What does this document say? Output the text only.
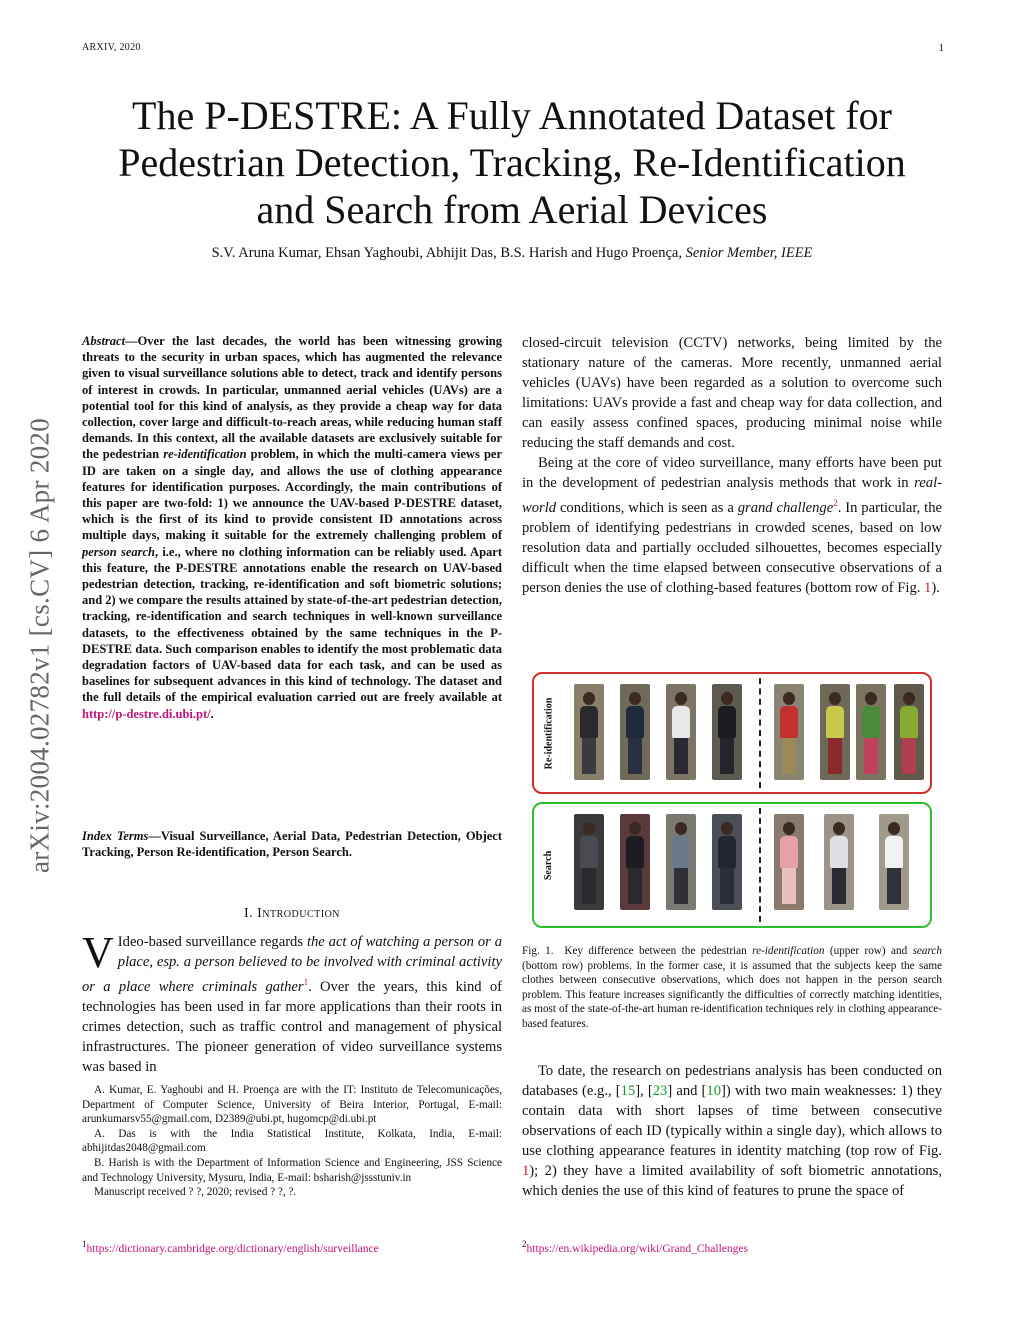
ARXIV, 2020	1
arXiv:2004.02782v1 [cs.CV] 6 Apr 2020
The P-DESTRE: A Fully Annotated Dataset for
Pedestrian Detection, Tracking, Re-Identification
and Search from Aerial Devices
S.V. Aruna Kumar, Ehsan Yaghoubi, Abhijit Das, B.S. Harish and Hugo Proença, Senior Member, IEEE
Abstract—Over the last decades, the world has been witnessing growing threats to the security in urban spaces, which has augmented the relevance given to visual surveillance solutions able to detect, track and identify persons of interest in crowds. In particular, unmanned aerial vehicles (UAVs) are a potential tool for this kind of analysis, as they provide a cheap way for data collection, cover large and difficult-to-reach areas, while reducing human staff demands. In this context, all the available datasets are exclusively suitable for the pedestrian re-identification problem, in which the multi-camera views per ID are taken on a single day, and allows the use of clothing appearance features for identification purposes. Accordingly, the main contributions of this paper are two-fold: 1) we announce the UAV-based P-DESTRE dataset, which is the first of its kind to provide consistent ID annotations across multiple days, making it suitable for the extremely challenging problem of person search, i.e., where no clothing information can be reliably used. Apart this feature, the P-DESTRE annotations enable the research on UAV-based pedestrian detection, tracking, re-identification and soft biometric solutions; and 2) we compare the results attained by state-of-the-art pedestrian detection, tracking, re-identification and search techniques in well-known surveillance datasets, to the effectiveness obtained by the same techniques in the P-DESTRE data. Such comparison enables to identify the most problematic data degradation factors of UAV-based data for each task, and can be used as baselines for subsequent advances in this kind of technology. The dataset and the full details of the empirical evaluation carried out are freely available at http://p-destre.di.ubi.pt/.
Index Terms—Visual Surveillance, Aerial Data, Pedestrian Detection, Object Tracking, Person Re-identification, Person Search.
I. Introduction
V Ideo-based surveillance regards the act of watching a person or a place, esp. a person believed to be involved with criminal activity or a place where criminals gather$^1$. Over the years, this kind of technologies has been used in far more applications than their roots in crimes detection, such as traffic control and management of physical infrastructures. The pioneer generation of video surveillance systems was based in

A. Kumar, E. Yaghoubi and H. Proença are with the IT: Instituto de Telecomunicações, Department of Computer Science, University of Beira Interior, Portugal, E-mail: arunkumarsv55@gmail.com, D2389@ubi.pt, hugomcp@di.ubi.pt

A. Das is with the India Statistical Institute, Kolkata, India, E-mail: abhijitdas2048@gmail.com

B. Harish is with the Department of Information Science and Engineering, JSS Science and Technology University, Mysuru, India, E-mail: bsharish@jssstuniv.in

Manuscript received ? ?, 2020; revised ? ?, ?.

$^1$https://dictionary.cambridge.org/dictionary/english/surveillance

closed-circuit television (CCTV) networks, being limited by the stationary nature of the cameras. More recently, unmanned aerial vehicles (UAVs) have been regarded as a solution to overcome such limitations: UAVs provide a fast and cheap way for data collection, and can easily assess confined spaces, producing minimal noise while reducing the staff demands and cost.

Being at the core of video surveillance, many efforts have been put in the development of pedestrian analysis methods that work in real-world conditions, which is seen as a grand challenge$^2$. In particular, the problem of identifying pedestrians in crowded scenes, based on low resolution data and partially occluded silhouettes, becomes especially difficult when the time elapsed between consecutive observations of a person denies the use of clothing-based features (bottom row of Fig. 1).

Re-identification
Search
Fig. 1. Key difference between the pedestrian re-identification (upper row) and search (bottom row) problems. In the former case, it is assumed that the subjects keep the same clothes between consecutive observations, which does not happen in the person search problem. This feature increases significantly the difficulties of correctly matching identities, as most of the state-of-the-art human re-identification techniques rely in clothing appearance-based features.

To date, the research on pedestrians analysis has been conducted on databases (e.g., [15], [23] and [10]) with two main weaknesses: 1) they contain data with short lapses of time between consecutive observations of each ID (typically within a single day), which allows to use clothing appearance features in identity matching (top row of Fig. 1); 2) they have a limited availability of soft biometric annotations, which denies the use of this kind of features to prune the space of

$^2$https://en.wikipedia.org/wiki/Grand_Challenges
